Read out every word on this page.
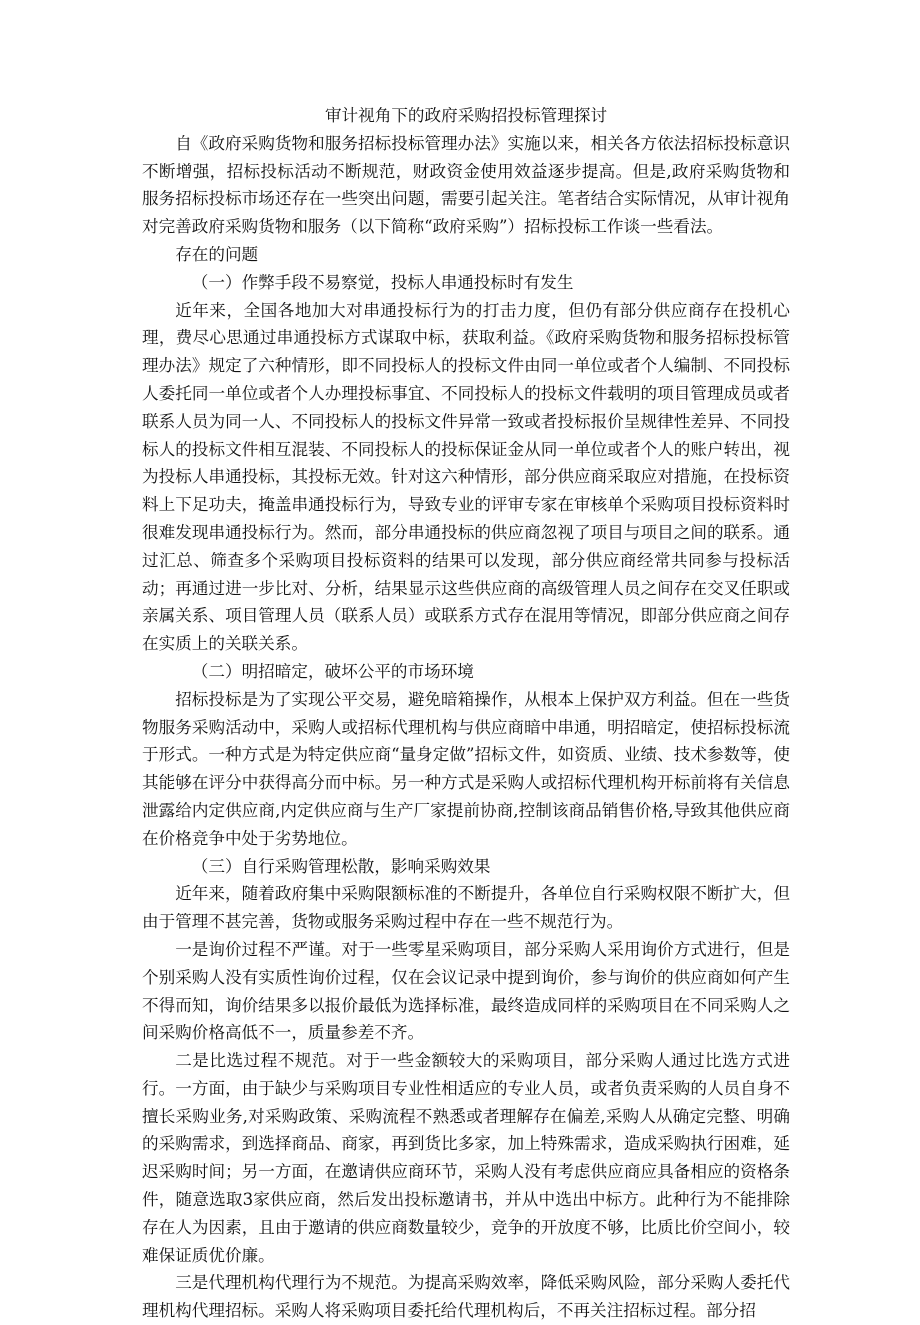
审计视角下的政府采购招投标管理探讨

自《政府采购货物和服务招标投标管理办法》实施以来，相关各方依法招标投标意识不断增强，招标投标活动不断规范，财政资金使用效益逐步提高。但是,政府采购货物和服务招标投标市场还存在一些突出问题，需要引起关注。笔者结合实际情况，从审计视角对完善政府采购货物和服务（以下简称“政府采购”）招标投标工作谈一些看法。

存在的问题

（一）作弊手段不易察觉，投标人串通投标时有发生

近年来，全国各地加大对串通投标行为的打击力度，但仍有部分供应商存在投机心理，费尽心思通过串通投标方式谋取中标，获取利益。《政府采购货物和服务招标投标管理办法》规定了六种情形，即不同投标人的投标文件由同一单位或者个人编制、不同投标人委托同一单位或者个人办理投标事宜、不同投标人的投标文件载明的项目管理成员或者联系人员为同一人、不同投标人的投标文件异常一致或者投标报价呈规律性差异、不同投标人的投标文件相互混装、不同投标人的投标保证金从同一单位或者个人的账户转出，视为投标人串通投标，其投标无效。针对这六种情形，部分供应商采取应对措施，在投标资料上下足功夫，掩盖串通投标行为，导致专业的评审专家在审核单个采购项目投标资料时很难发现串通投标行为。然而，部分串通投标的供应商忽视了项目与项目之间的联系。通过汇总、筛查多个采购项目投标资料的结果可以发现，部分供应商经常共同参与投标活动；再通过进一步比对、分析，结果显示这些供应商的高级管理人员之间存在交叉任职或亲属关系、项目管理人员（联系人员）或联系方式存在混用等情况，即部分供应商之间存在实质上的关联关系。

（二）明招暗定，破坏公平的市场环境

招标投标是为了实现公平交易，避免暗箱操作，从根本上保护双方利益。但在一些货物服务采购活动中，采购人或招标代理机构与供应商暗中串通，明招暗定，使招标投标流于形式。一种方式是为特定供应商“量身定做”招标文件，如资质、业绩、技术参数等，使其能够在评分中获得高分而中标。另一种方式是采购人或招标代理机构开标前将有关信息泄露给内定供应商,内定供应商与生产厂家提前协商,控制该商品销售价格,导致其他供应商在价格竞争中处于劣势地位。

（三）自行采购管理松散，影响采购效果

近年来，随着政府集中采购限额标准的不断提升，各单位自行采购权限不断扩大，但由于管理不甚完善，货物或服务采购过程中存在一些不规范行为。

一是询价过程不严谨。对于一些零星采购项目，部分采购人采用询价方式进行，但是个别采购人没有实质性询价过程，仅在会议记录中提到询价，参与询价的供应商如何产生不得而知，询价结果多以报价最低为选择标准，最终造成同样的采购项目在不同采购人之间采购价格高低不一，质量参差不齐。

二是比选过程不规范。对于一些金额较大的采购项目，部分采购人通过比选方式进行。一方面，由于缺少与采购项目专业性相适应的专业人员，或者负责采购的人员自身不擅长采购业务,对采购政策、采购流程不熟悉或者理解存在偏差,采购人从确定完整、明确的采购需求，到选择商品、商家，再到货比多家，加上特殊需求，造成采购执行困难，延迟采购时间；另一方面，在邀请供应商环节，采购人没有考虑供应商应具备相应的资格条件，随意选取3家供应商，然后发出投标邀请书，并从中选出中标方。此种行为不能排除存在人为因素，且由于邀请的供应商数量较少，竞争的开放度不够，比质比价空间小，较难保证质优价廉。

三是代理机构代理行为不规范。为提高采购效率，降低采购风险，部分采购人委托代理机构代理招标。采购人将采购项目委托给代理机构后，不再关注招标过程。部分招
